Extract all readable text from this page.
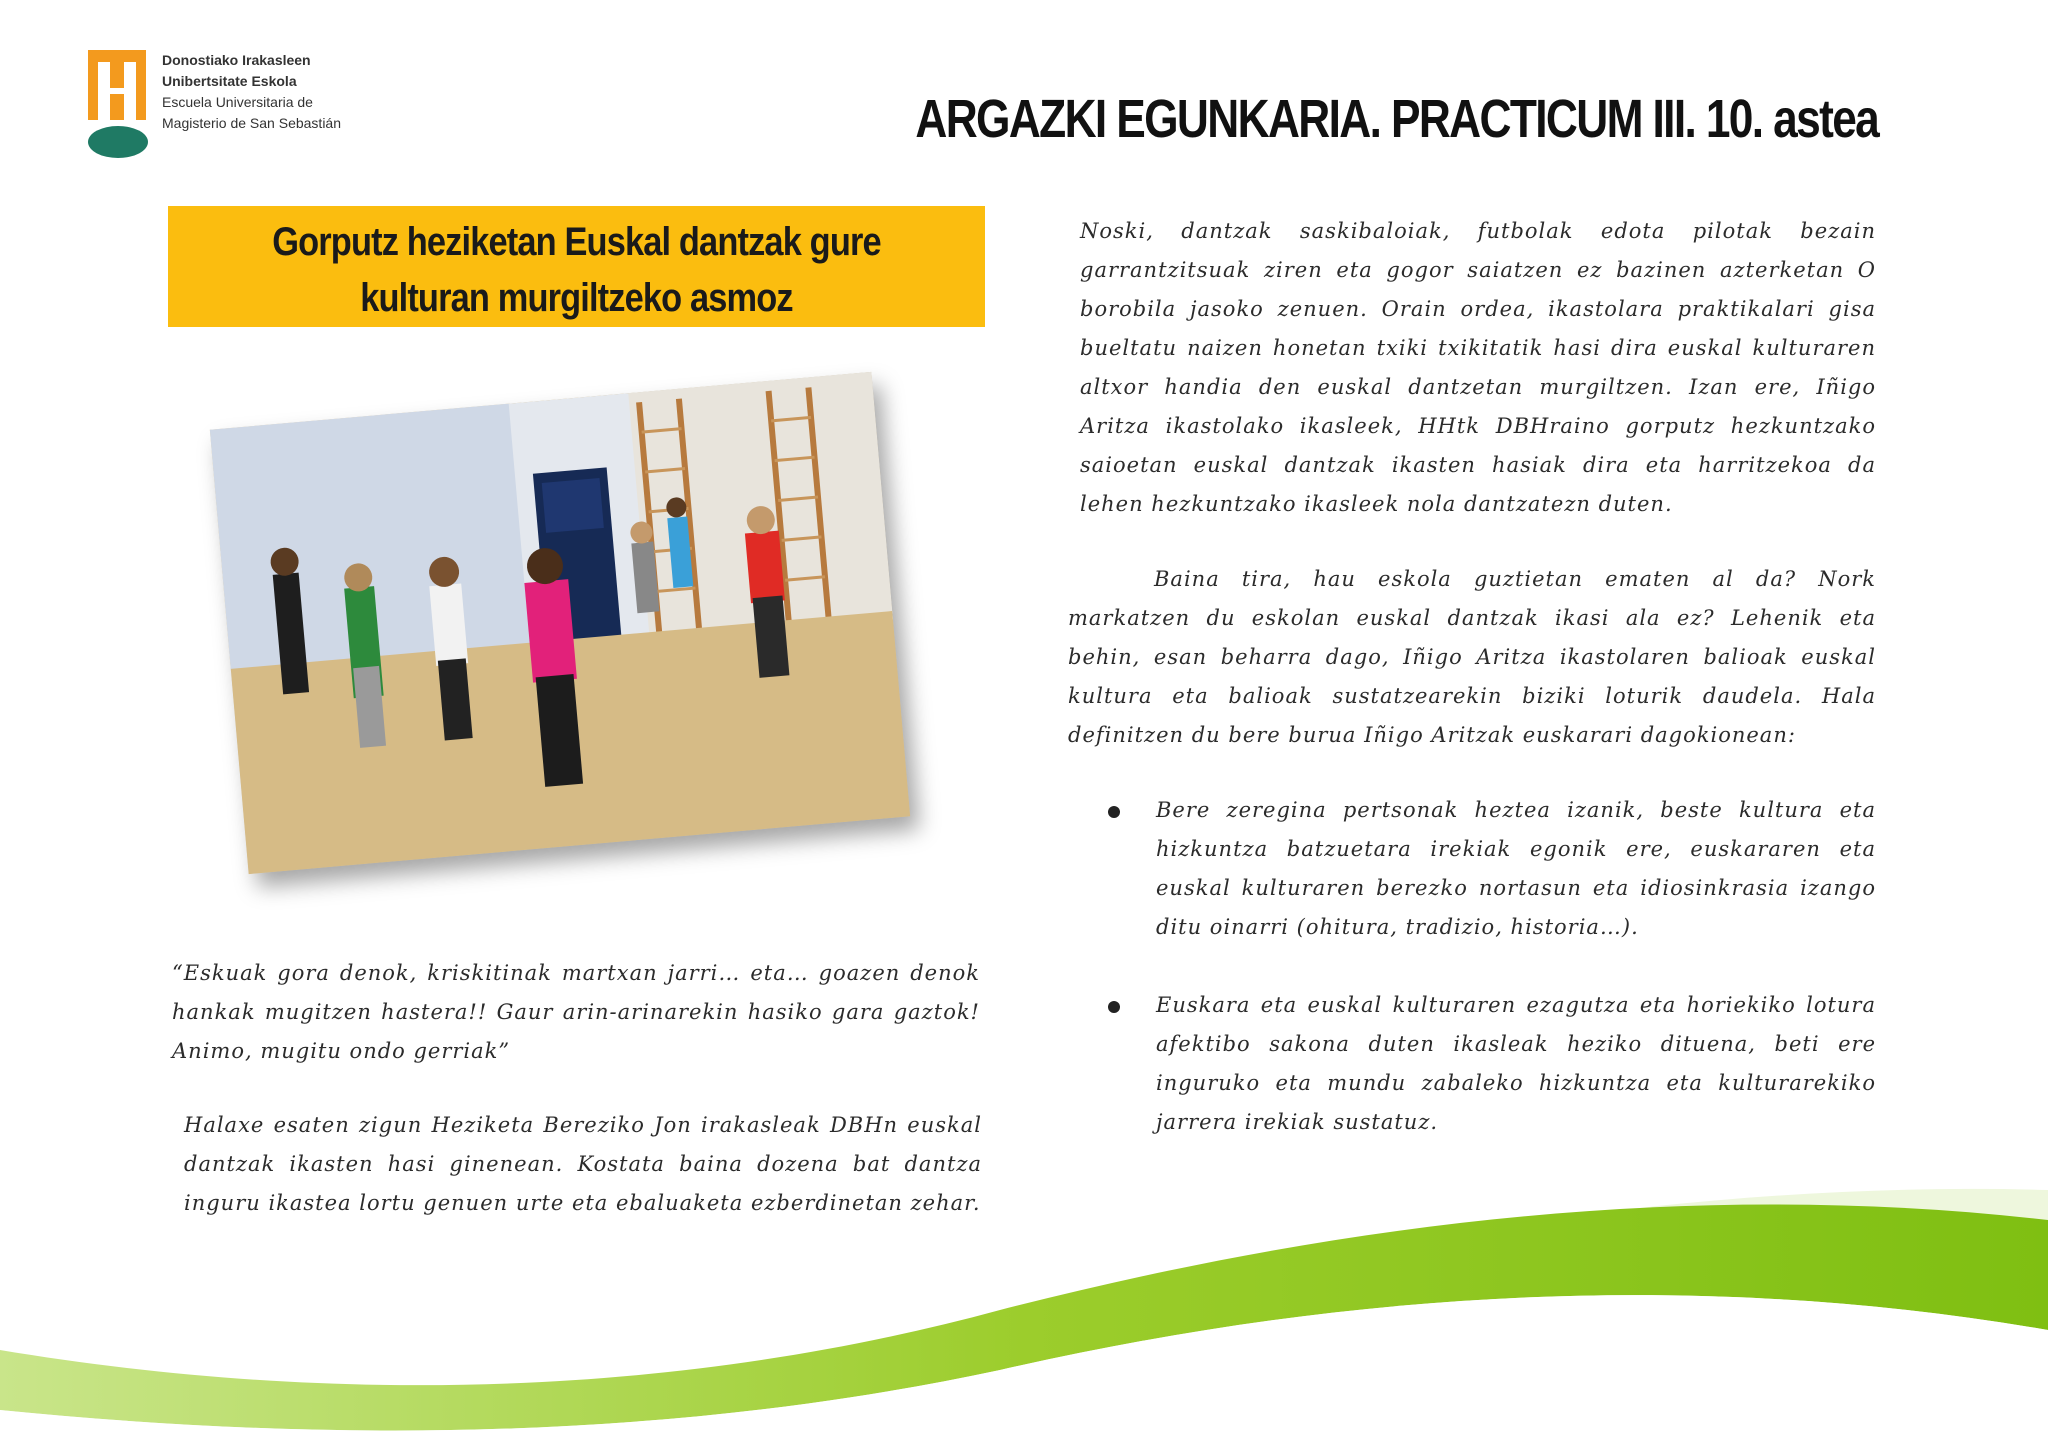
Donostiako Irakasleen
Unibertsitate Eskola
Escuela Universitaria de
Magisterio de San Sebastián	ARGAZKI EGUNKARIA. PRACTICUM III. 10. astea
Gorputz heziketan Euskal dantzak gure
kulturan murgiltzeko asmoz
“Eskuak gora denok, kriskitinak martxan jarri… eta… goazen denok hankak mugitzen hastera!! Gaur arin-arinarekin hasiko gara gaztok! Animo, mugitu ondo gerriak”
Halaxe esaten zigun Heziketa Bereziko Jon irakasleak DBHn euskal dantzak ikasten hasi ginenean. Kostata baina dozena bat dantza inguru ikastea lortu genuen urte eta ebaluaketa ezberdinetan zehar.
Noski, dantzak saskibaloiak, futbolak edota pilotak bezain garrantzitsuak ziren eta gogor saiatzen ez bazinen azterketan O borobila jasoko zenuen. Orain ordea, ikastolara praktikalari gisa bueltatu naizen honetan txiki txikitatik hasi dira euskal kulturaren altxor handia den euskal dantzetan murgiltzen. Izan ere, Iñigo Aritza ikastolako ikasleek, HHtk DBHraino gorputz hezkuntzako saioetan euskal dantzak ikasten hasiak dira eta harritzekoa da lehen hezkuntzako ikasleek nola dantzatezn duten.
Baina tira, hau eskola guztietan ematen al da? Nork markatzen du eskolan euskal dantzak ikasi ala ez? Lehenik eta behin, esan beharra dago, Iñigo Aritza ikastolaren balioak euskal kultura eta balioak sustatzearekin biziki loturik daudela. Hala definitzen du bere burua Iñigo Aritzak euskarari dagokionean:
Bere zeregina pertsonak heztea izanik, beste kultura eta hizkuntza batzuetara irekiak egonik ere, euskararen eta euskal kulturaren berezko nortasun eta idiosinkrasia izango ditu oinarri (ohitura, tradizio, historia…).
Euskara eta euskal kulturaren ezagutza eta horiekiko lotura afektibo sakona duten ikasleak heziko dituena, beti ere inguruko eta mundu zabaleko hizkuntza eta kulturarekiko jarrera irekiak sustatuz.
